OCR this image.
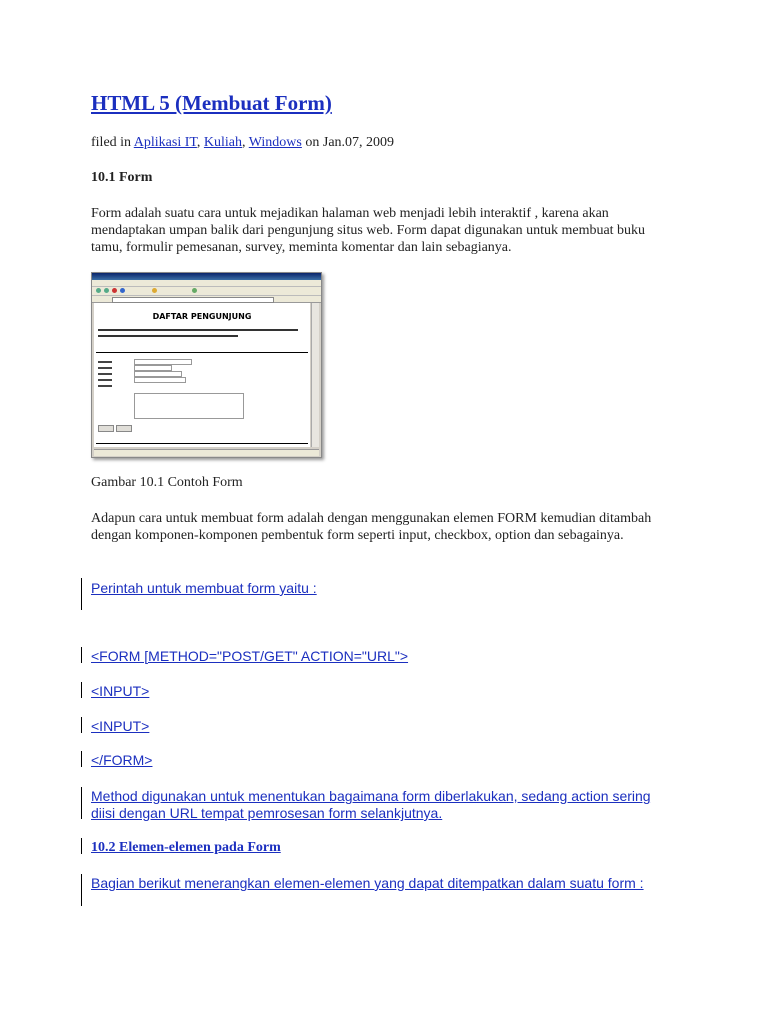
HTML 5 (Membuat Form)
filed in Aplikasi IT, Kuliah, Windows on Jan.07, 2009
10.1 Form

Form adalah suatu cara untuk mejadikan halaman web menjadi lebih interaktif , karena akan mendaptakan umpan balik dari pengunjung situs web. Form dapat digunakan untuk membuat buku tamu, formulir pemesanan, survey, meminta komentar dan lain sebagianya.

DAFTAR PENGUNJUNG
Gambar 10.1 Contoh Form

Adapun cara untuk membuat form adalah dengan menggunakan elemen FORM kemudian ditambah dengan komponen-komponen pembentuk form seperti input, checkbox, option dan sebagainya.

Perintah untuk membuat form yaitu :
<FORM [METHOD="POST/GET" ACTION="URL">
<INPUT>
<INPUT>
</FORM>
Method digunakan untuk menentukan bagaimana form diberlakukan, sedang action sering diisi dengan URL tempat pemrosesan form selankjutnya.
10.2 Elemen-elemen pada Form
Bagian berikut menerangkan elemen-elemen yang dapat ditempatkan dalam suatu form :
